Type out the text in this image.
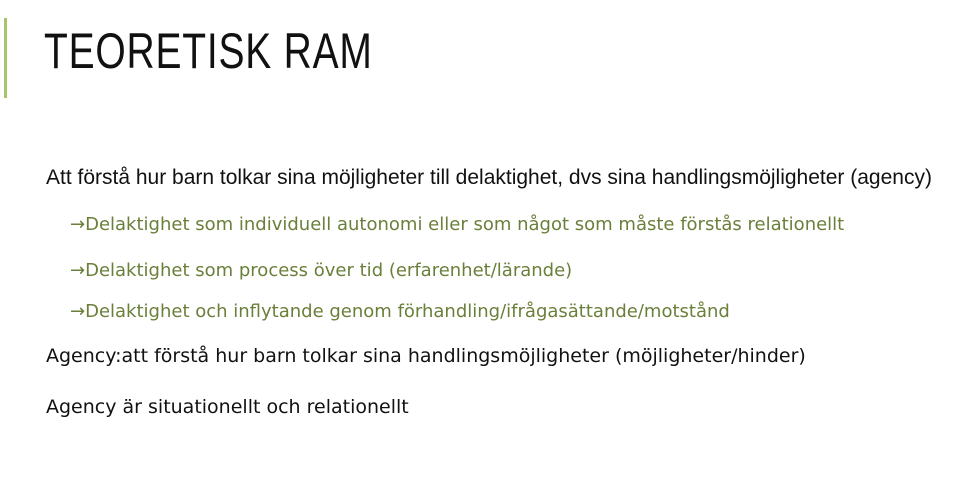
TEORETISK RAM

Att förstå hur barn tolkar sina möjligheter till delaktighet, dvs sina handlingsmöjligheter (agency)

→Delaktighet som individuell autonomi eller som något som måste förstås relationellt

→Delaktighet som process över tid (erfarenhet/lärande)

→Delaktighet och inflytande genom förhandling/ifrågasättande/motstånd

Agency:att förstå hur barn tolkar sina handlingsmöjligheter (möjligheter/hinder)

Agency är situationellt och relationellt
